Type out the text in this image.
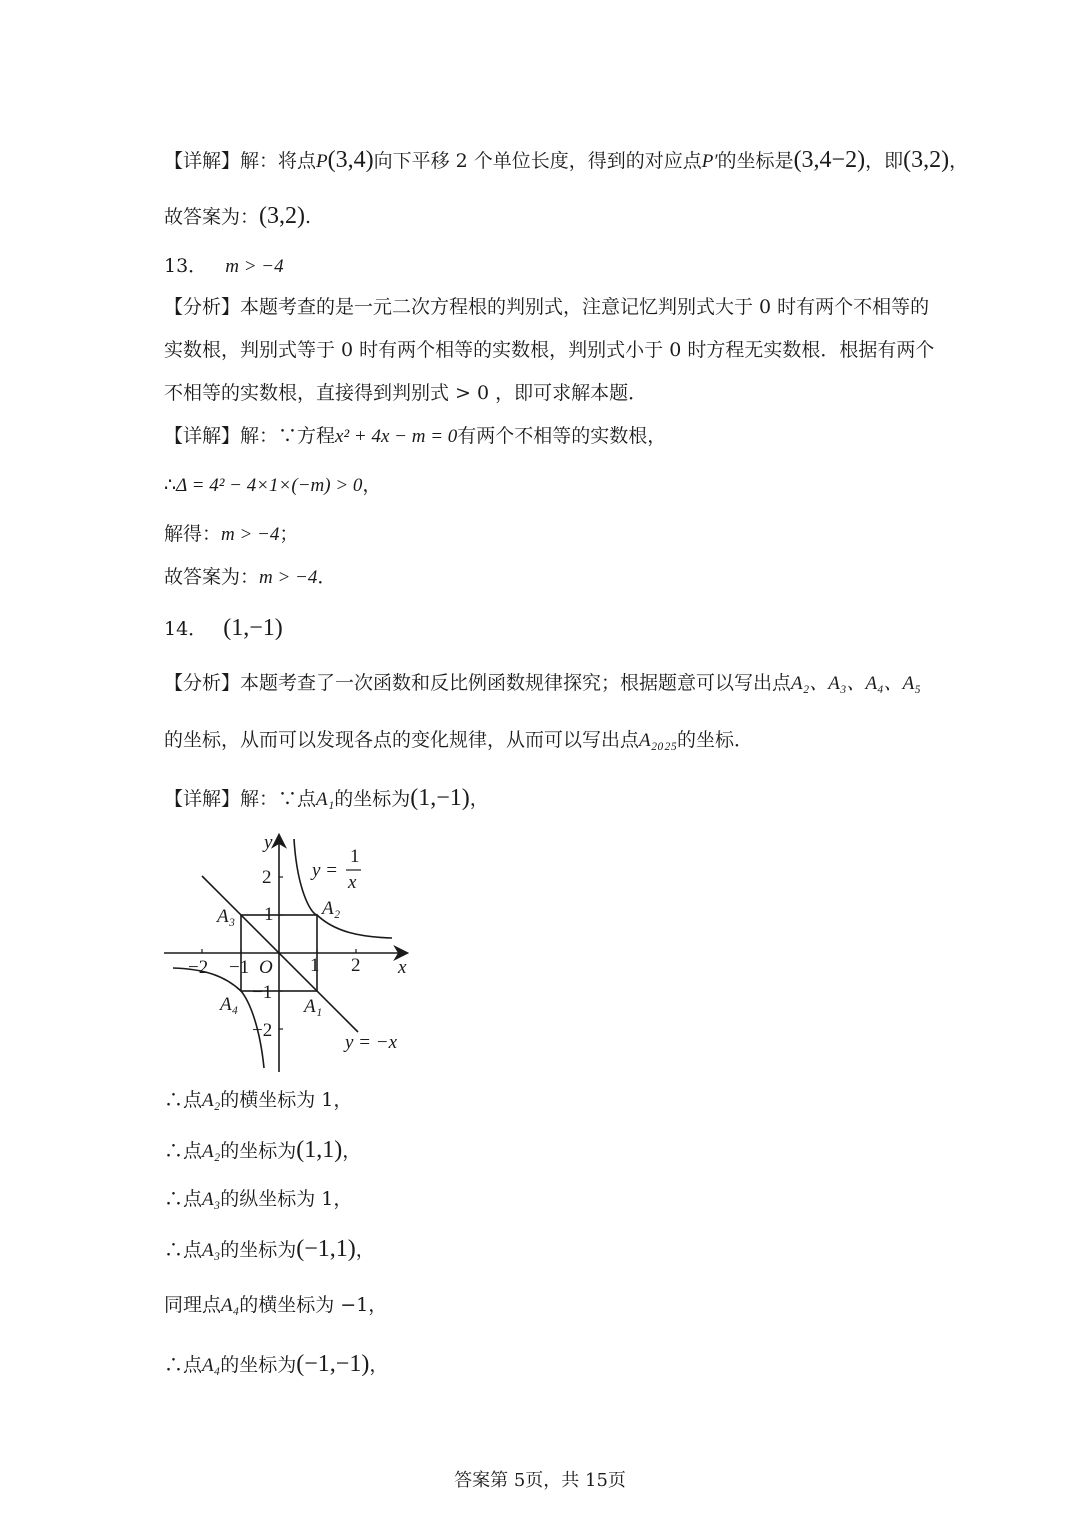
【详解】解：将点P(3,4)向下平移 2 个单位长度，得到的对应点P′的坐标是(3,4−2)，即(3,2)，
故答案为：(3,2).
13． m > −4
【分析】本题考查的是一元二次方程根的判别式，注意记忆判别式大于 0 时有两个不相等的
实数根，判别式等于 0 时有两个相等的实数根，判别式小于 0 时方程无实数根．根据有两个
不相等的实数根，直接得到判别式 > 0 ，即可求解本题．
【详解】解：∵方程x² + 4x − m = 0有两个不相等的实数根，
∴Δ = 4² − 4×1×(−m) > 0，
解得：m > −4；
故答案为：m > −4．
14． (1,−1)
【分析】本题考查了一次函数和反比例函数规律探究；根据题意可以写出点A₂、A₃、A₄、A₅
的坐标，从而可以发现各点的变化规律，从而可以写出点A₂₀₂₅的坐标．
【详解】解：∵点A₁的坐标为(1,−1)，
x
y
O
−2 −1	1 2
2
1
−1
−2
y =
1
x
y = −x
A₁
A₂
A₃
A₄
∴点A₂的横坐标为 1，
∴点A₂的坐标为(1,1)，
∴点A₃的纵坐标为 1，
∴点A₃的坐标为(−1,1)，
同理点A₄的横坐标为 −1，
∴点A₄的坐标为(−1,−1)，
答案第 5页，共 15页
